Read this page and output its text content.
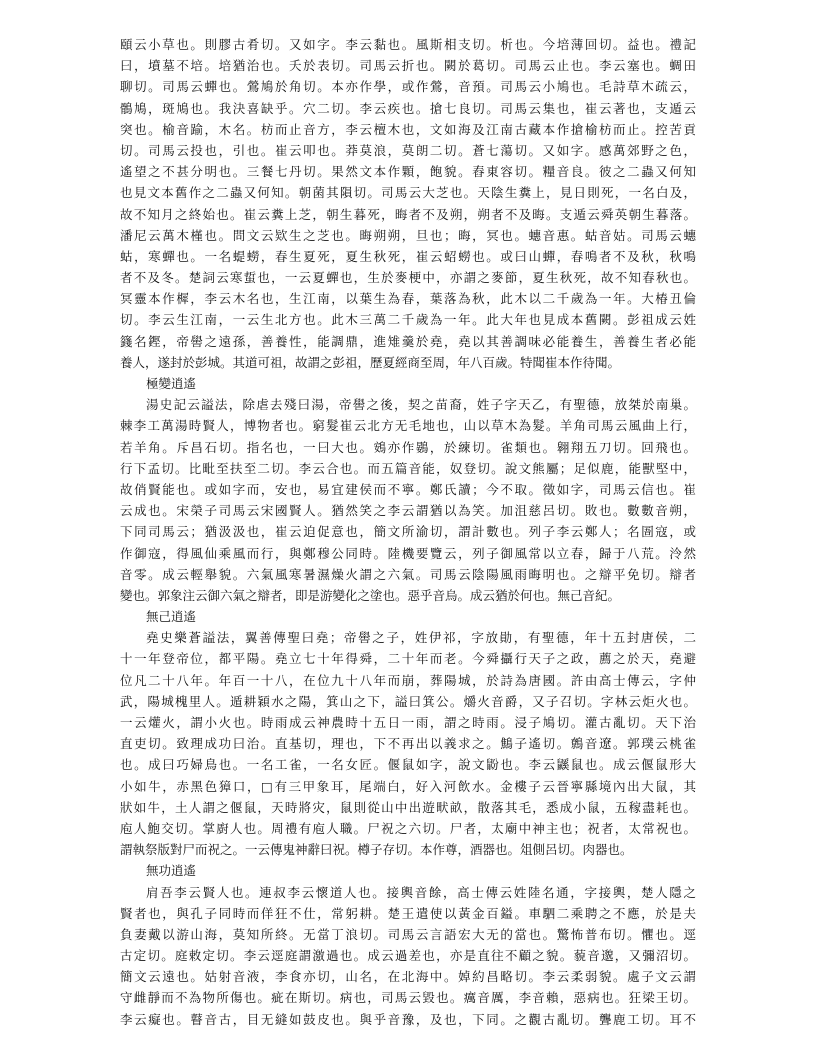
頤云小草也。則膠古肴切。又如字。李云黏也。風斯相支切。析也。今培薄回切。益也。禮記
曰，墳墓不培。培猶治也。夭於表切。司馬云折也。闕於葛切。司馬云止也。李云塞也。蜩田
聊切。司馬云蟬也。鶯鳩於角切。本亦作學，或作鶯，音預。司馬云小鳩也。毛詩草木疏云，
鶻鳩，斑鳩也。我決喜缺乎。穴二切。李云疾也。搶七良切。司馬云集也，崔云著也，支遁云
突也。榆音踰，木名。枋而止音方，李云檀木也，文如海及江南古藏本作搶榆枋而止。控苦貢
切。司馬云投也，引也。崔云叩也。莽莫浪，莫朗二切。蒼七蕩切。又如字。感萬郊野之色，
遙望之不甚分明也。三餐七丹切。果然文本作顆，飽貌。舂東容切。糧音良。彼之二蟲又何知
也見文本舊作之二蟲又何知。朝菌其隕切。司馬云大芝也。天陰生糞上，見日則死，一名白及，
故不知月之終始也。崔云糞上芝，朝生暮死，晦者不及朔，朔者不及晦。支遁云舜英朝生暮落。
潘尼云萬木槿也。問文云欵生之芝也。晦朔朔，旦也；晦，冥也。蟪音惠。蛄音姑。司馬云蟪
蛄，寒蟬也。一名蝭蟧，春生夏死，夏生秋死，崔云蛁蟧也。或曰山蟬，春鳴者不及秋，秋鳴
者不及冬。楚詞云寒蜇也，一云夏蟬也，生於麥梗中，亦謂之麥節，夏生秋死，故不知春秋也。
冥靈本作樨，李云木名也，生江南，以葉生為春，葉落為秋，此木以二千歲為一年。大椿丑倫
切。李云生江南，一云生北方也。此木三萬二千歲為一年。此大年也見成本舊闕。彭祖成云姓
籛名鏗，帝嚳之遠孫，善養性，能調鼎，進雉羹於堯，堯以其善調味必能養生，善養生者必能
養人，遂封於彭城。其道可祖，故謂之彭祖，歷夏經商至周，年八百歲。特聞崔本作待聞。
極變逍遙
湯史記云謚法，除虐去殘曰湯，帝嚳之後，契之苗裔，姓子字天乙，有聖德，放桀於南巢。
棘李工萬湯時賢人，博物者也。窮髮崔云北方无毛地也，山以草木為髮。羊角司馬云風曲上行，
若羊角。斥昌石切。指名也，一曰大也。鴳亦作鷃，於練切。雀類也。翱翔五刀切。回飛也。
行下孟切。比毗至扶至二切。李云合也。而五篇音能，奴登切。說文熊屬；足似鹿，能獸堅中，
故俏賢能也。或如字而，安也，易宜建侯而不寧。鄭氏讀；今不取。徵如字，司馬云信也。崔
云成也。宋榮子司馬云宋國賢人。猶然笑之李云謂猶以為笑。加沮慈呂切。敗也。數數音朔，
下同司馬云；猶汲汲也，崔云迫促意也，簡文所渝切，謂計數也。列子李云鄭人；名圄寇，或
作御寇，得風仙乘風而行，與鄭穆公同時。陸機要覽云，列子御風常以立春，歸于八荒。泠然
音零。成云輕舉貌。六氣風寒暑濕燥火謂之六氣。司馬云陰陽風雨晦明也。之辯平免切。辯者
變也。郭象注云御六氣之辯者，即是游變化之塗也。惡乎音烏。成云猶於何也。無己音紀。
無己逍遙
堯史樂蒼謚法，翼善傳聖曰堯；帝嚳之子，姓伊祁，字放勛，有聖德，年十五封唐侯，二
十一年登帝位，都平陽。堯立七十年得舜，二十年而老。今舜攝行天子之政，薦之於天，堯避
位凡二十八年。年百一十八，在位九十八年而崩，葬陽城，於詩為唐國。許由高士傳云，字仲
武，陽城槐里人。遁耕穎水之陽，箕山之下，謚曰箕公。爝火音爵，又子召切。字林云炬火也。
一云爟火，謂小火也。時雨成云神農時十五日一雨，謂之時雨。浸子鳩切。灌古亂切。天下治
直吏切。致理成功曰治。直基切，理也，下不再出以義求之。鷦子遙切。鷯音遼。郭璞云桃雀
也。成曰巧婦鳥也。一名工雀，一名女匠。偃鼠如字，說文鼢也。李云鼷鼠也。成云偃鼠形大
小如牛，赤黑色獐口，□有三甲象耳，尾端白，好入河飲水。金樓子云晉寧縣境內出大鼠，其
狀如牛，土人謂之偃鼠，天時將灾，鼠則從山中出遊畎畝，散落其毛，悉成小鼠，五稼盡耗也。
庖人鮑交切。掌廚人也。周禮有庖人職。尸祝之六切。尸者，太廟中神主也；祝者，太常祝也。
謂執祭版對尸而祝之。一云傳鬼神辭曰祝。樽子存切。本作尊，酒器也。俎側呂切。肉器也。
無功逍遙
肩吾李云賢人也。連叔李云懷道人也。接輿音餘，高士傳云姓陸名通，字接輿，楚人隱之
賢者也，與孔子同時而佯狂不仕，常躬耕。楚王遣使以黃金百鎰。車駟二乘聘之不應，於是夫
負妻戴以游山海，莫知所終。无當丁浪切。司馬云言語宏大无的當也。驚怖普布切。懼也。逕
古定切。庭敕定切。李云逕庭謂激過也。成云過差也，亦是直往不顧之貌。藐音邈，又彌沼切。
簡文云遠也。姑射音液，李食亦切，山名，在北海中。婥約昌略切。李云柔弱貌。處子文云謂
守雌靜而不為物所傷也。疵在斯切。病也，司馬云毀也。癘音厲，李音賴，惡病也。狂梁王切。
李云癡也。瞽音古，目无縫如鼓皮也。與乎音豫，及也，下同。之觀古亂切。聾鹿工切。耳不
